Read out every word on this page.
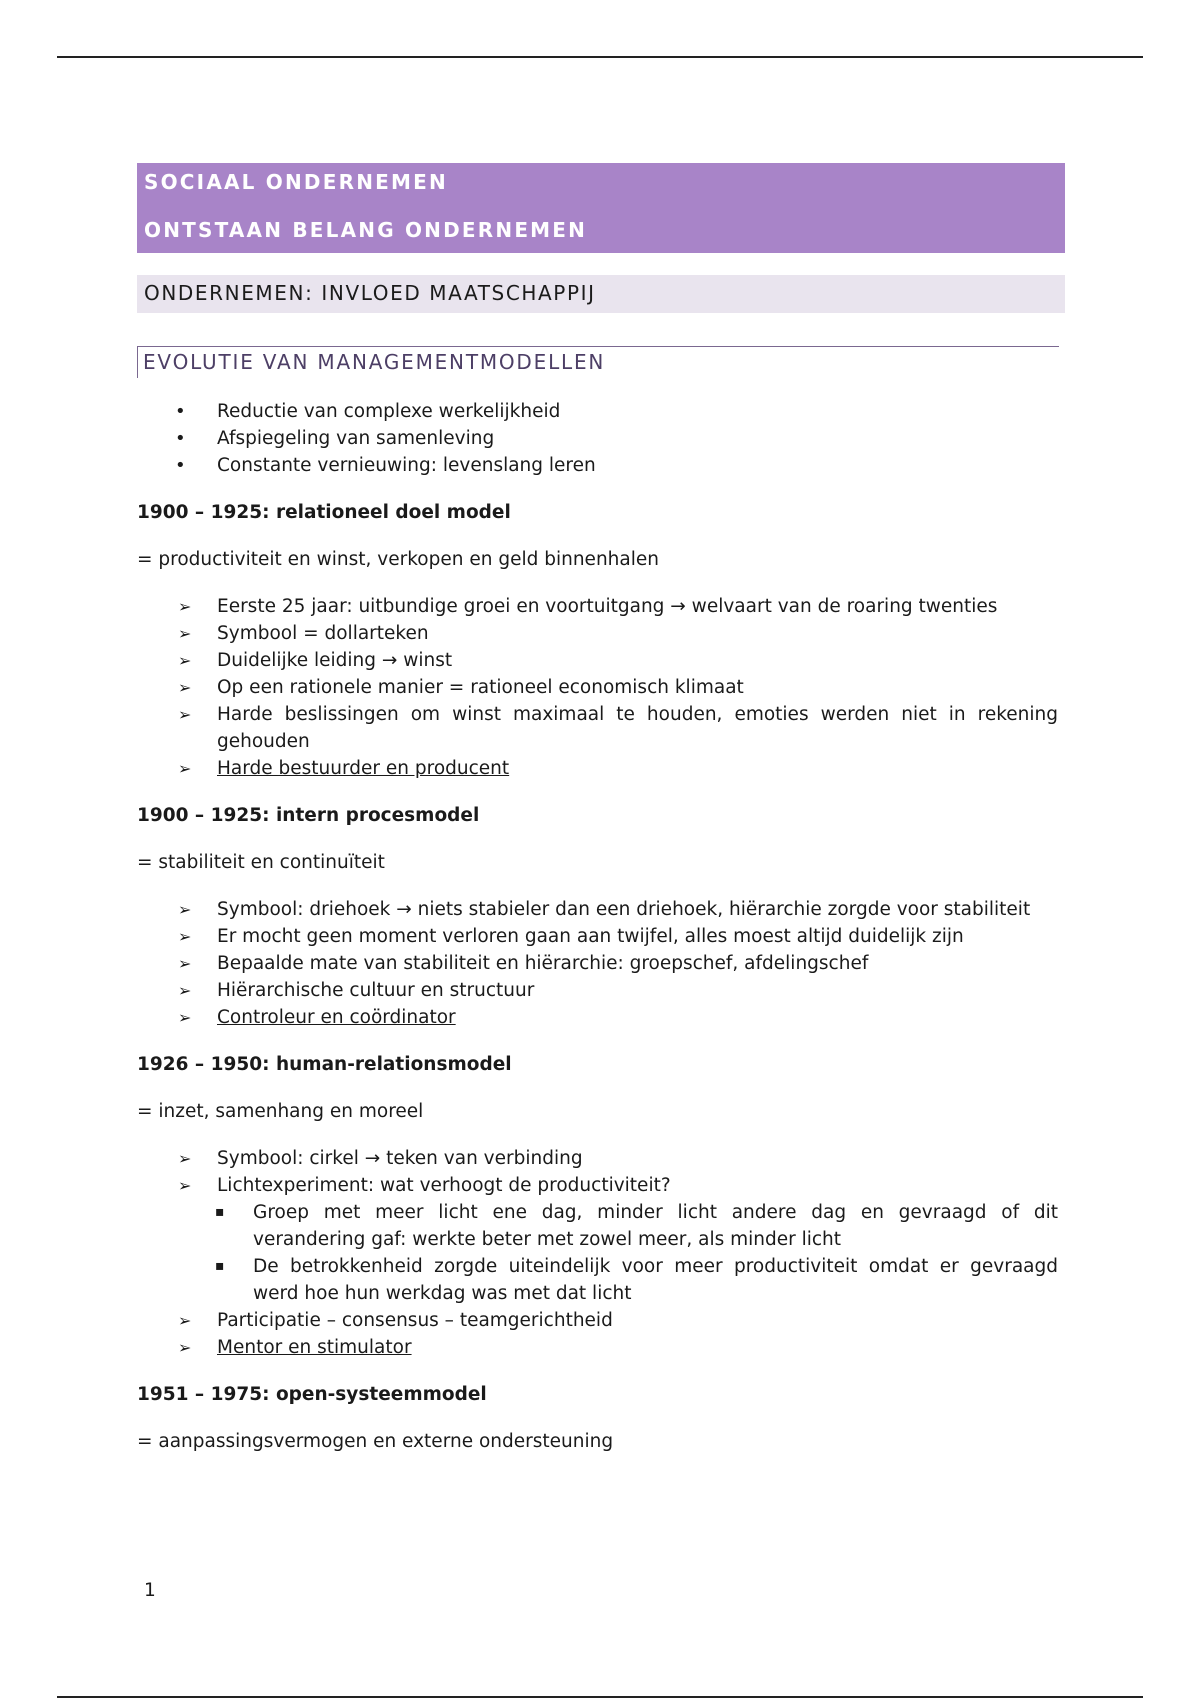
SOCIAAL ONDERNEMEN
ONTSTAAN BELANG ONDERNEMEN
ONDERNEMEN: INVLOED MAATSCHAPPIJ
EVOLUTIE VAN MANAGEMENTMODELLEN
• Reductie van complexe werkelijkheid
• Afspiegeling van samenleving
• Constante vernieuwing: levenslang leren
1900 – 1925: relationeel doel model
= productiviteit en winst, verkopen en geld binnenhalen
➢ Eerste 25 jaar: uitbundige groei en voortuitgang → welvaart van de roaring twenties
➢ Symbool = dollarteken
➢ Duidelijke leiding → winst
➢ Op een rationele manier = rationeel economisch klimaat
➢ Harde beslissingen om winst maximaal te houden, emoties werden niet in rekening gehouden
➢ Harde bestuurder en producent
1900 – 1925: intern procesmodel
= stabiliteit en continuïteit
➢ Symbool: driehoek → niets stabieler dan een driehoek, hiërarchie zorgde voor stabiliteit
➢ Er mocht geen moment verloren gaan aan twijfel, alles moest altijd duidelijk zijn
➢ Bepaalde mate van stabiliteit en hiërarchie: groepschef, afdelingschef
➢ Hiërarchische cultuur en structuur
➢ Controleur en coördinator
1926 – 1950: human-relationsmodel
= inzet, samenhang en moreel
➢ Symbool: cirkel → teken van verbinding
➢ Lichtexperiment: wat verhoogt de productiviteit?
▪ Groep met meer licht ene dag, minder licht andere dag en gevraagd of dit verandering gaf: werkte beter met zowel meer, als minder licht
▪ De betrokkenheid zorgde uiteindelijk voor meer productiviteit omdat er gevraagd werd hoe hun werkdag was met dat licht
➢ Participatie – consensus – teamgerichtheid
➢ Mentor en stimulator
1951 – 1975: open-systeemmodel
= aanpassingsvermogen en externe ondersteuning
1
